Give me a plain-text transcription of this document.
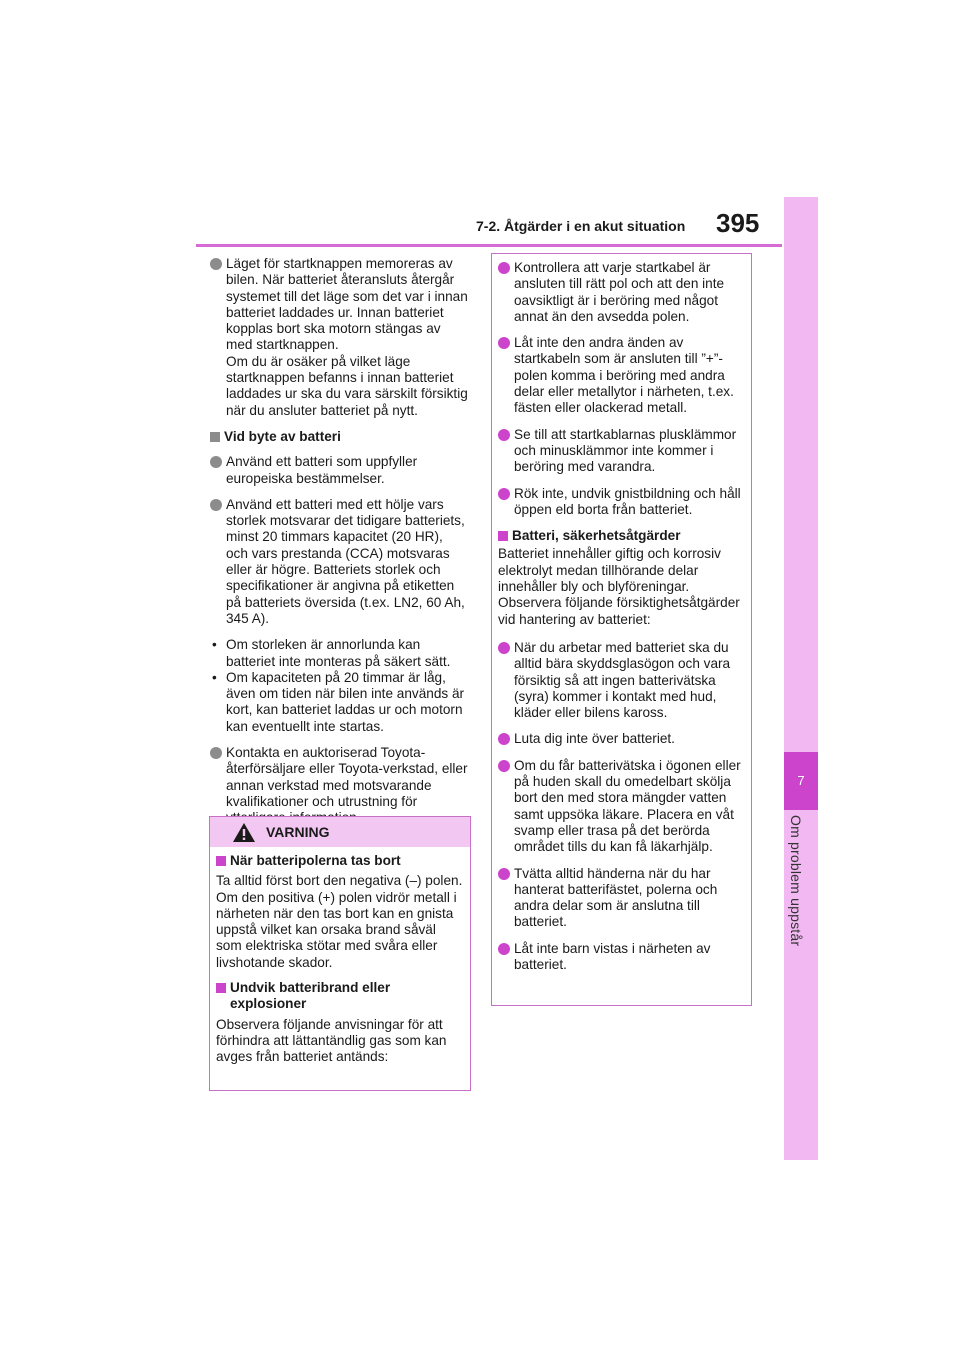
7-2. Åtgärder i en akut situation 395
7
Om problem uppstår
Läget för startknappen memoreras av bilen. När batteriet återansluts återgår systemet till det läge som det var i innan batteriet laddades ur. Innan batteriet kopplas bort ska motorn stängas av med startknappen.
Om du är osäker på vilket läge startknappen befanns i innan batteriet laddades ur ska du vara särskilt försiktig när du ansluter batteriet på nytt.
Vid byte av batteri
Använd ett batteri som uppfyller europeiska bestämmelser.
Använd ett batteri med ett hölje vars storlek motsvarar det tidigare batteriets, minst 20 timmars kapacitet (20 HR), och vars prestanda (CCA) motsvaras eller är högre. Batteriets storlek och specifikationer är angivna på etiketten på batteriets översida (t.ex. LN2, 60 Ah, 345 A).
• Om storleken är annorlunda kan batteriet inte monteras på säkert sätt.
• Om kapaciteten på 20 timmar är låg, även om tiden när bilen inte används är kort, kan batteriet laddas ur och motorn kan eventuellt inte startas.
Kontakta en auktoriserad Toyota-återförsäljare eller Toyota-verkstad, eller annan verkstad med motsvarande kvalifikationer och utrustning för
VARNING
När batteripolerna tas bort
Ta alltid först bort den negativa (–) polen. Om den positiva (+) polen vidrör metall i närheten när den tas bort kan en gnista uppstå vilket kan orsaka brand såväl som elektriska stötar med svåra eller livshotande skador.
Undvik batteribrand eller explosioner
Observera följande anvisningar för att förhindra att lättantändlig gas som kan avges från batteriet antänds:
Kontrollera att varje startkabel är ansluten till rätt pol och att den inte oavsiktligt är i beröring med något annat än den avsedda polen.
Låt inte den andra änden av startkabeln som är ansluten till ”+”-polen komma i beröring med andra delar eller metallytor i närheten, t.ex. fästen eller olackerad metall.
Se till att startkablarnas plusklämmor och minusklämmor inte kommer i beröring med varandra.
Rök inte, undvik gnistbildning och håll öppen eld borta från batteriet.
Batteri, säkerhetsåtgärder
Batteriet innehåller giftig och korrosiv elektrolyt medan tillhörande delar innehåller bly och blyföreningar. Observera följande försiktighetsåtgärder vid hantering av batteriet:
När du arbetar med batteriet ska du alltid bära skyddsglasögon och vara försiktig så att ingen batterivätska (syra) kommer i kontakt med hud, kläder eller bilens kaross.
Luta dig inte över batteriet.
Om du får batterivätska i ögonen eller på huden skall du omedelbart skölja bort den med stora mängder vatten samt uppsöka läkare. Placera en våt svamp eller trasa på det berörda området tills du kan få läkarhjälp.
Tvätta alltid händerna när du har hanterat batterifästet, polerna och andra delar som är anslutna till batteriet.
Låt inte barn vistas i närheten av batteriet.
